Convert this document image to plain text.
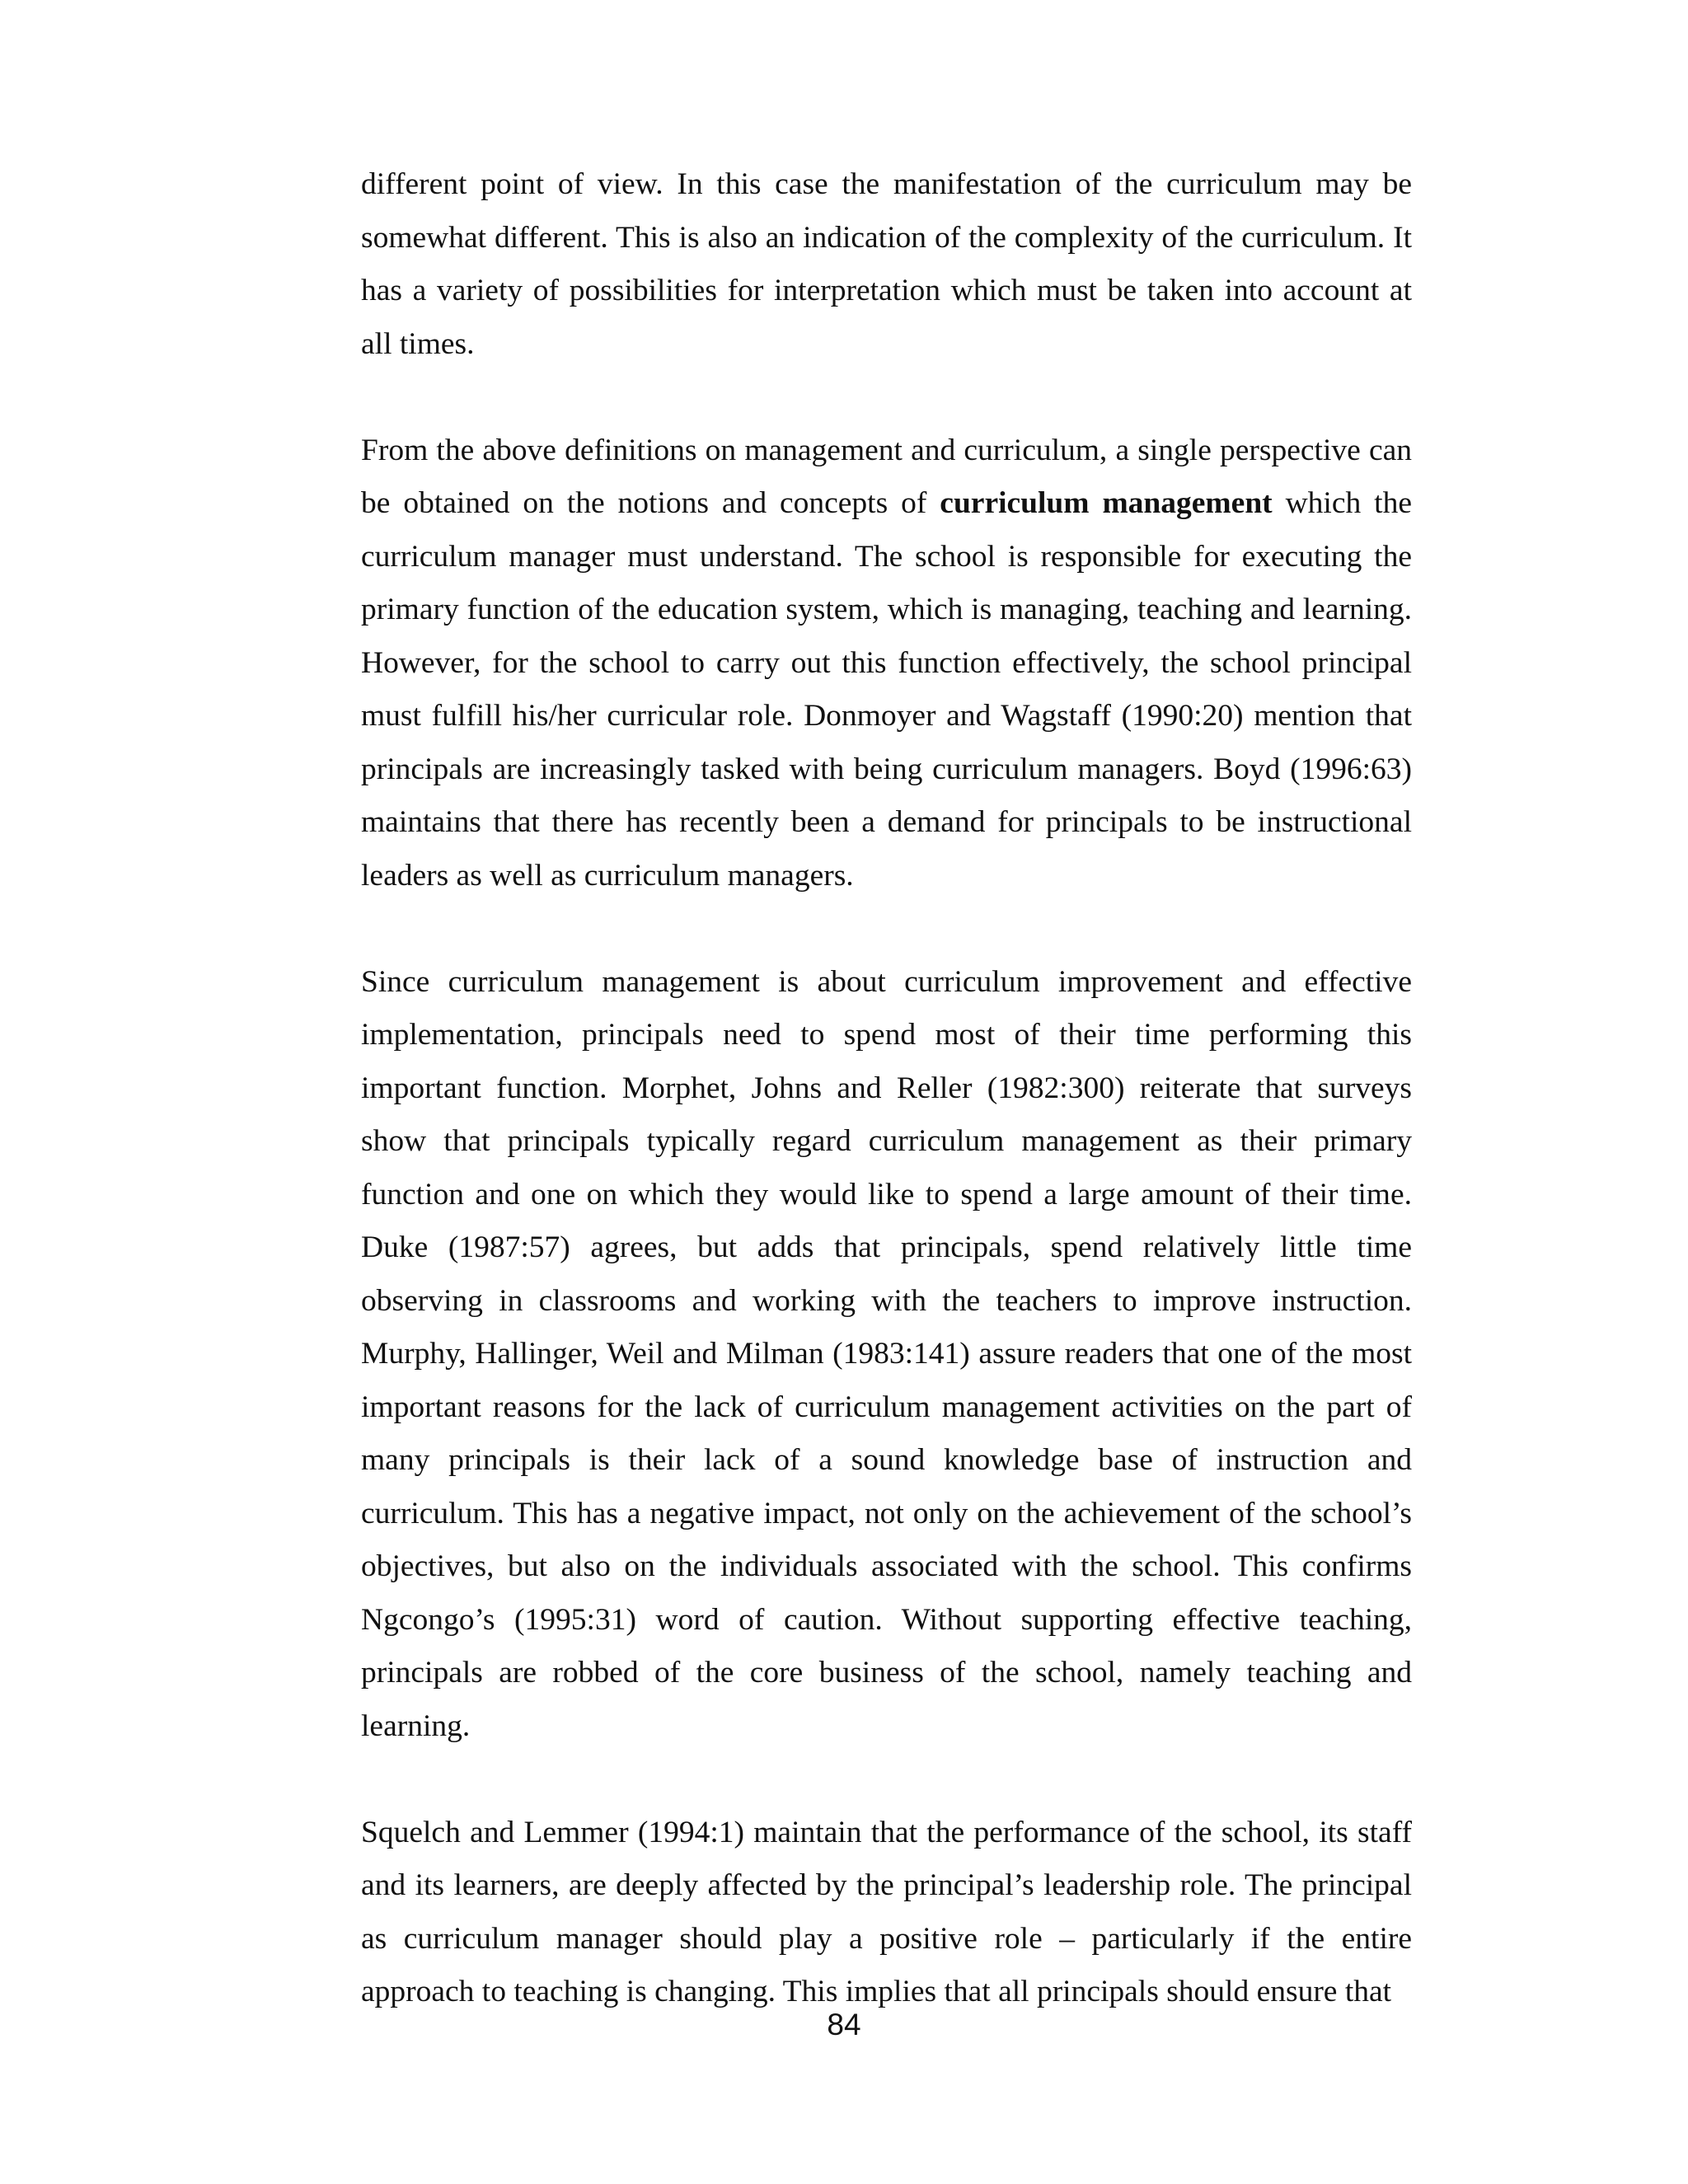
different point of view. In this case the manifestation of the curriculum may be somewhat different. This is also an indication of the complexity of the curriculum. It has a variety of possibilities for interpretation which must be taken into account at all times.

From the above definitions on management and curriculum, a single perspective can be obtained on the notions and concepts of curriculum management which the curriculum manager must understand. The school is responsible for executing the primary function of the education system, which is managing, teaching and learning. However, for the school to carry out this function effectively, the school principal must fulfill his/her curricular role. Donmoyer and Wagstaff (1990:20) mention that principals are increasingly tasked with being curriculum managers. Boyd (1996:63) maintains that there has recently been a demand for principals to be instructional leaders as well as curriculum managers.

Since curriculum management is about curriculum improvement and effective implementation, principals need to spend most of their time performing this important function. Morphet, Johns and Reller (1982:300) reiterate that surveys show that principals typically regard curriculum management as their primary function and one on which they would like to spend a large amount of their time. Duke (1987:57) agrees, but adds that principals, spend relatively little time observing in classrooms and working with the teachers to improve instruction. Murphy, Hallinger, Weil and Milman (1983:141) assure readers that one of the most important reasons for the lack of curriculum management activities on the part of many principals is their lack of a sound knowledge base of instruction and curriculum. This has a negative impact, not only on the achievement of the school’s objectives, but also on the individuals associated with the school. This confirms Ngcongo’s (1995:31) word of caution. Without supporting effective teaching, principals are robbed of the core business of the school, namely teaching and learning.

Squelch and Lemmer (1994:1) maintain that the performance of the school, its staff and its learners, are deeply affected by the principal’s leadership role. The principal as curriculum manager should play a positive role – particularly if the entire approach to teaching is changing. This implies that all principals should ensure that

84
